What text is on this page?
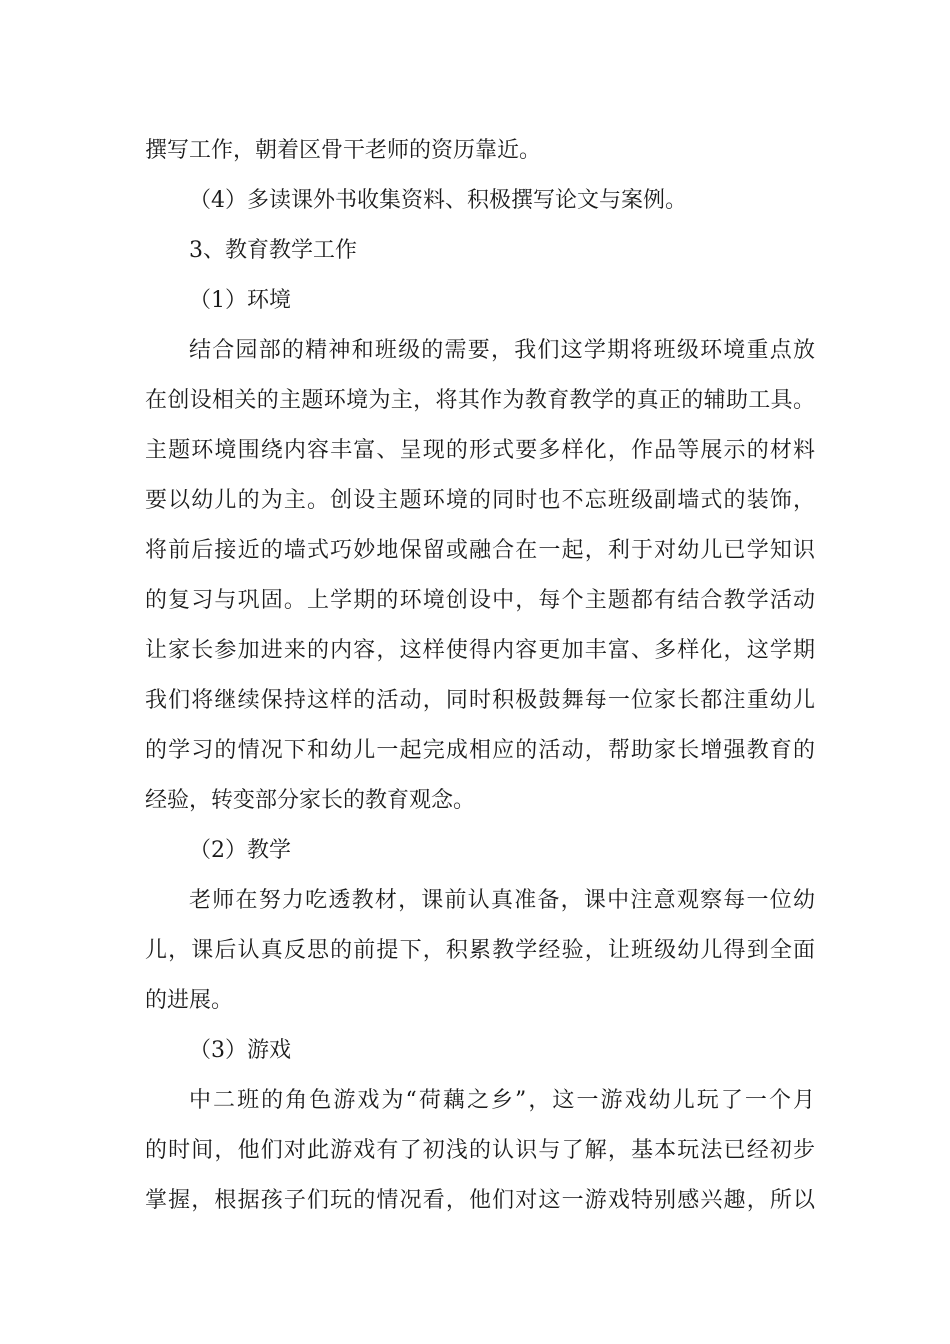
撰写工作，朝着区骨干老师的资历靠近。
（4）多读课外书收集资料、积极撰写论文与案例。
3、教育教学工作
（1）环境
结合园部的精神和班级的需要，我们这学期将班级环境重点放
在创设相关的主题环境为主，将其作为教育教学的真正的辅助工具。
主题环境围绕内容丰富、呈现的形式要多样化，作品等展示的材料
要以幼儿的为主。创设主题环境的同时也不忘班级副墙式的装饰，
将前后接近的墙式巧妙地保留或融合在一起，利于对幼儿已学知识
的复习与巩固。上学期的环境创设中，每个主题都有结合教学活动
让家长参加进来的内容，这样使得内容更加丰富、多样化，这学期
我们将继续保持这样的活动，同时积极鼓舞每一位家长都注重幼儿
的学习的情况下和幼儿一起完成相应的活动，帮助家长增强教育的
经验，转变部分家长的教育观念。
（2）教学
老师在努力吃透教材，课前认真准备，课中注意观察每一位幼
儿，课后认真反思的前提下，积累教学经验，让班级幼儿得到全面
的进展。
（3）游戏
中二班的角色游戏为“荷藕之乡”，这一游戏幼儿玩了一个月
的时间，他们对此游戏有了初浅的认识与了解，基本玩法已经初步
掌握，根据孩子们玩的情况看，他们对这一游戏特别感兴趣，所以
